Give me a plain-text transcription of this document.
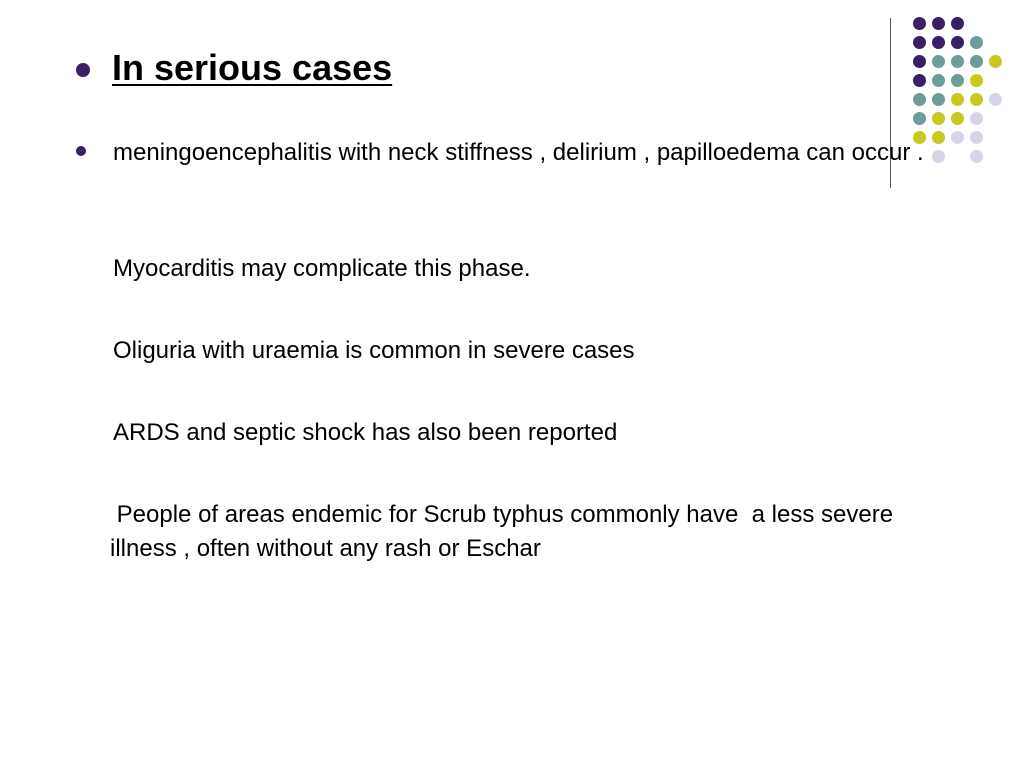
In serious cases
meningoencephalitis with neck stiffness , delirium , papilloedema can occur .
Myocarditis may complicate this phase.
Oliguria with uraemia is common in severe cases
ARDS and septic shock has also been reported
People of areas endemic for Scrub typhus commonly have  a less severe illness , often without any rash or Eschar
